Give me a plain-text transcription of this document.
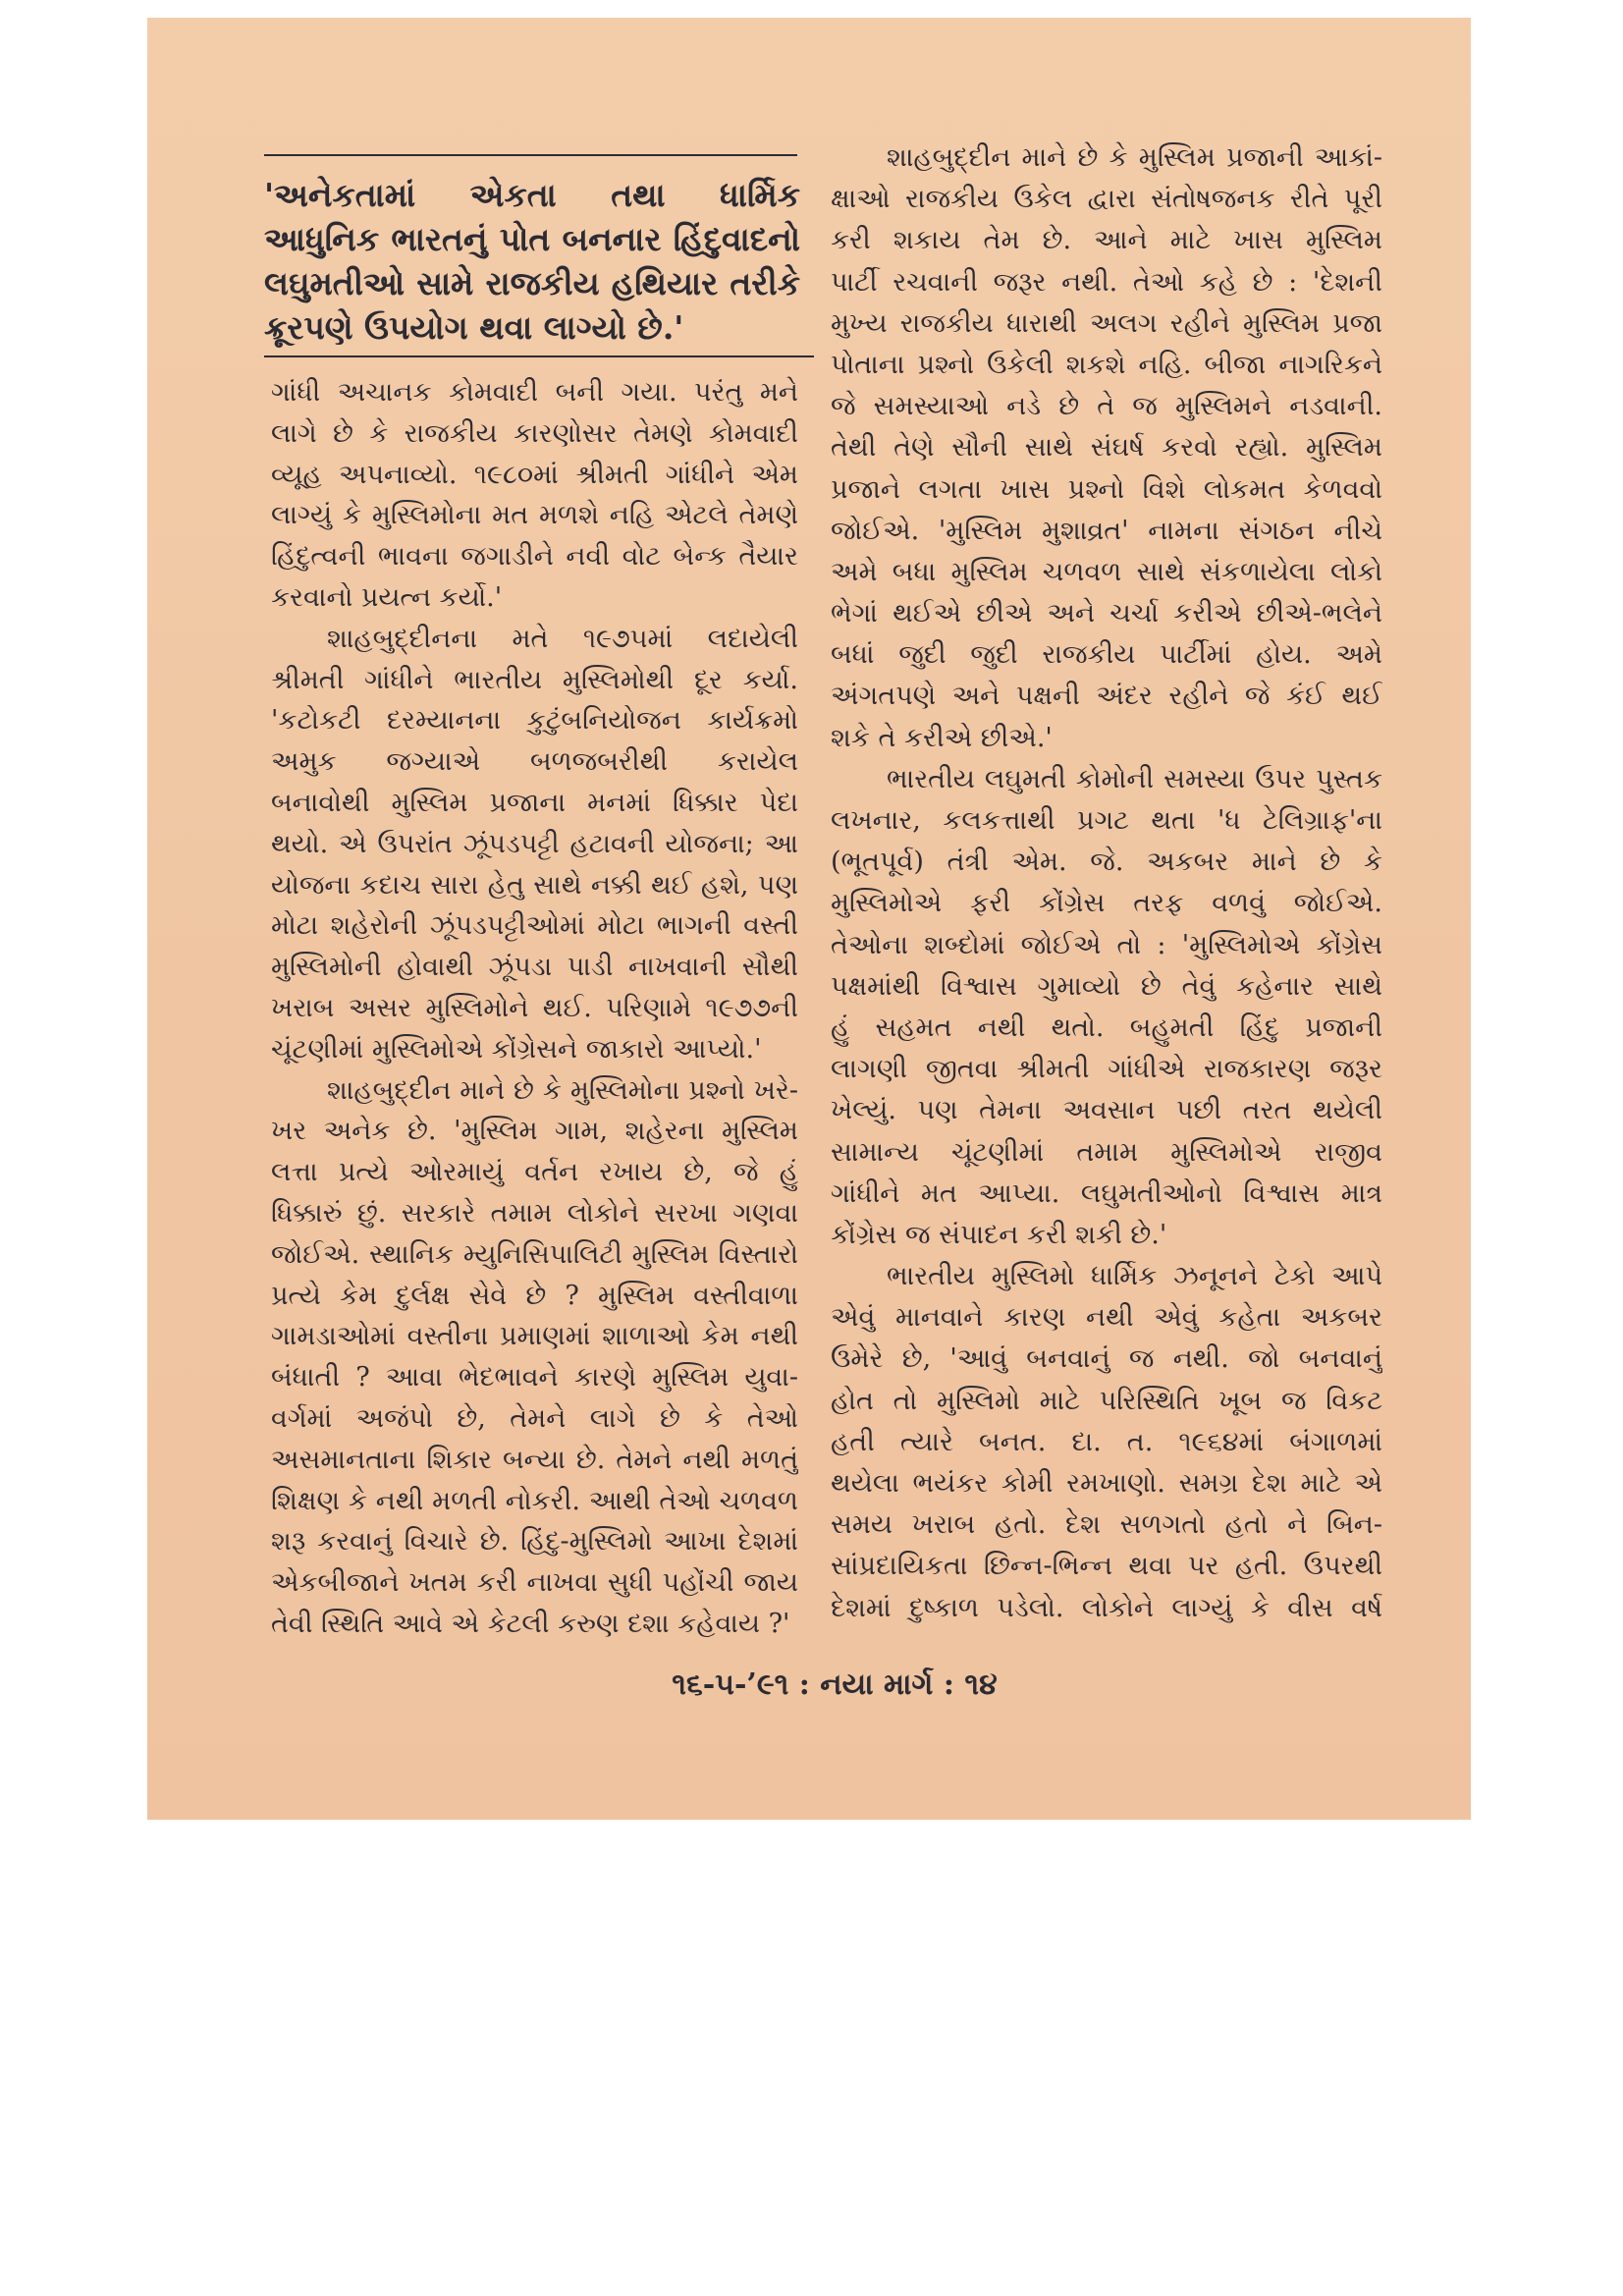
'અનેકતામાં એકતા તથા ધાર્મિક
આધુનિક ભારતનું પોત બનનાર હિંદુવાદનો
લઘુમતીઓ સામે રાજકીય હથિયાર તરીકે
ક્રૂરપણે ઉપયોગ થવા લાગ્યો છે.'
ગાંધી અચાનક કોમવાદી બની ગયા. પરંતુ મને
લાગે છે કે રાજકીય કારણોસર તેમણે કોમવાદી
વ્યૂહ અપનાવ્યો. ૧૯૮૦માં શ્રીમતી ગાંધીને એમ
લાગ્યું કે મુસ્લિમોના મત મળશે નહિ એટલે તેમણે
હિંદુત્વની ભાવના જગાડીને નવી વોટ બેન્ક તૈયાર
કરવાનો પ્રયત્ન કર્યો.'
શાહબુદ્દીનના મતે ૧૯૭૫માં લદાયેલી
શ્રીમતી ગાંધીને ભારતીય મુસ્લિમોથી દૂર કર્યા.
'કટોકટી દરમ્યાનના કુટુંબનિયોજન કાર્યક્રમો
અમુક જગ્યાએ બળજબરીથી કરાયેલ
બનાવોથી મુસ્લિમ પ્રજાના મનમાં ધિક્કાર પેદા
થયો. એ ઉપરાંત ઝૂંપડપટ્ટી હટાવની યોજના; આ
યોજના કદાચ સારા હેતુ સાથે નક્કી થઈ હશે, પણ
મોટા શહેરોની ઝૂંપડપટ્ટીઓમાં મોટા ભાગની વસ્તી
મુસ્લિમોની હોવાથી ઝૂંપડા પાડી નાખવાની સૌથી
ખરાબ અસર મુસ્લિમોને થઈ. પરિણામે ૧૯૭૭ની
ચૂંટણીમાં મુસ્લિમોએ કોંગ્રેસને જાકારો આપ્યો.'
શાહબુદ્દીન માને છે કે મુસ્લિમોના પ્રશ્નો ખરે-
ખર અનેક છે. 'મુસ્લિમ ગામ, શહેરના મુસ્લિમ
લત્તા પ્રત્યે ઓરમાયું વર્તન રખાય છે, જે હું
ધિક્કારું છું. સરકારે તમામ લોકોને સરખા ગણવા
જોઈએ. સ્થાનિક મ્યુનિસિપાલિટી મુસ્લિમ વિસ્તારો
પ્રત્યે કેમ દુર્લક્ષ સેવે છે ? મુસ્લિમ વસ્તીવાળા
ગામડાઓમાં વસ્તીના પ્રમાણમાં શાળાઓ કેમ નથી
બંધાતી ? આવા ભેદભાવને કારણે મુસ્લિમ યુવા-
વર્ગમાં અજંપો છે, તેમને લાગે છે કે તેઓ
અસમાનતાના શિકાર બન્યા છે. તેમને નથી મળતું
શિક્ષણ કે નથી મળતી નોકરી. આથી તેઓ ચળવળ
શરૂ કરવાનું વિચારે છે. હિંદુ-મુસ્લિમો આખા દેશમાં
એકબીજાને ખતમ કરી નાખવા સુધી પહોંચી જાય
તેવી સ્થિતિ આવે એ કેટલી કરુણ દશા કહેવાય ?'
શાહબુદ્દીન માને છે કે મુસ્લિમ પ્રજાની આકાં-
ક્ષાઓ રાજકીય ઉકેલ દ્વારા સંતોષજનક રીતે પૂરી
કરી શકાય તેમ છે. આને માટે ખાસ મુસ્લિમ
પાર્ટી રચવાની જરૂર નથી. તેઓ કહે છે : 'દેશની
મુખ્ય રાજકીય ધારાથી અલગ રહીને મુસ્લિમ પ્રજા
પોતાના પ્રશ્નો ઉકેલી શકશે નહિ. બીજા નાગરિકને
જે સમસ્યાઓ નડે છે તે જ મુસ્લિમને નડવાની.
તેથી તેણે સૌની સાથે સંઘર્ષ કરવો રહ્યો. મુસ્લિમ
પ્રજાને લગતા ખાસ પ્રશ્નો વિશે લોકમત કેળવવો
જોઈએ. 'મુસ્લિમ મુશાવ્રત' નામના સંગઠન નીચે
અમે બધા મુસ્લિમ ચળવળ સાથે સંકળાયેલા લોકો
ભેગાં થઈએ છીએ અને ચર્ચા કરીએ છીએ-ભલેને
બધાં જુદી જુદી રાજકીય પાર્ટીમાં હોય. અમે
અંગતપણે અને પક્ષની અંદર રહીને જે કંઈ થઈ
શકે તે કરીએ છીએ.'
ભારતીય લઘુમતી કોમોની સમસ્યા ઉપર પુસ્તક
લખનાર, કલકત્તાથી પ્રગટ થતા 'ધ ટેલિગ્રાફ'ના
(ભૂતપૂર્વ) તંત્રી એમ. જે. અકબર માને છે કે
મુસ્લિમોએ ફરી કોંગ્રેસ તરફ વળવું જોઈએ.
તેઓના શબ્દોમાં જોઈએ તો : 'મુસ્લિમોએ કોંગ્રેસ
પક્ષમાંથી વિશ્વાસ ગુમાવ્યો છે તેવું કહેનાર સાથે
હું સહમત નથી થતો. બહુમતી હિંદુ પ્રજાની
લાગણી જીતવા શ્રીમતી ગાંધીએ રાજકારણ જરૂર
ખેલ્યું. પણ તેમના અવસાન પછી તરત થયેલી
સામાન્ય ચૂંટણીમાં તમામ મુસ્લિમોએ રાજીવ
ગાંધીને મત આપ્યા. લઘુમતીઓનો વિશ્વાસ માત્ર
કોંગ્રેસ જ સંપાદન કરી શકી છે.'
ભારતીય મુસ્લિમો ધાર્મિક ઝનૂનને ટેકો આપે
એવું માનવાને કારણ નથી એવું કહેતા અકબર
ઉમેરે છે, 'આવું બનવાનું જ નથી. જો બનવાનું
હોત તો મુસ્લિમો માટે પરિસ્થિતિ ખૂબ જ વિકટ
હતી ત્યારે બનત. દા. ત. ૧૯૬૪માં બંગાળમાં
થયેલા ભયંકર કોમી રમખાણો. સમગ્ર દેશ માટે એ
સમય ખરાબ હતો. દેશ સળગતો હતો ને બિન-
સાંપ્રદાયિકતા છિન્ન-ભિન્ન થવા પર હતી. ઉપરથી
દેશમાં દુષ્કાળ પડેલો. લોકોને લાગ્યું કે વીસ વર્ષ
૧૬-૫-’૯૧ : નયા માર્ગ : ૧૪
